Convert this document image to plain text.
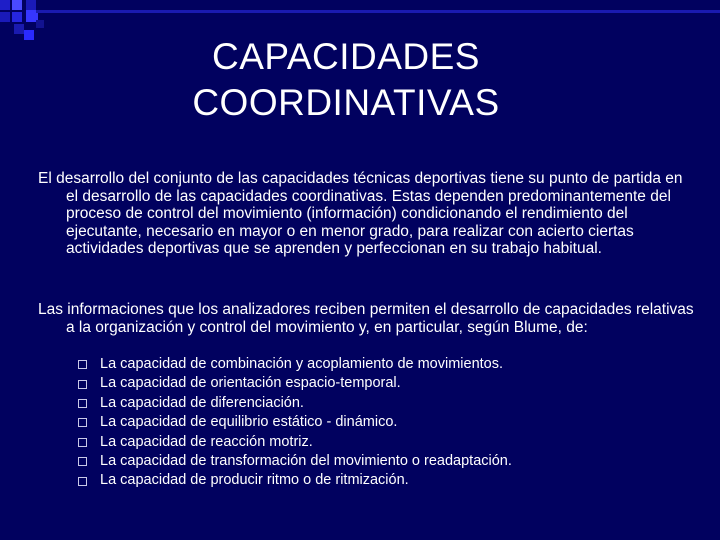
CAPACIDADES
COORDINATIVAS

El desarrollo del conjunto de las capacidades técnicas deportivas tiene su punto de partida en el desarrollo de las capacidades coordinativas. Estas dependen predominantemente del proceso de control del movimiento (información) condicionando el rendimiento del ejecutante, necesario en mayor o en menor grado, para realizar con acierto ciertas actividades deportivas que se aprenden y perfeccionan en su trabajo habitual.

Las informaciones que los analizadores reciben permiten el desarrollo de capacidades relativas a la organización y control del movimiento y, en particular, según Blume, de:

La capacidad de combinación y acoplamiento de movimientos.
La capacidad de orientación espacio-temporal.
La capacidad de diferenciación.
La capacidad de equilibrio estático - dinámico.
La capacidad de reacción motriz.
La capacidad de transformación del movimiento o readaptación.
La capacidad de producir ritmo o de ritmización.
